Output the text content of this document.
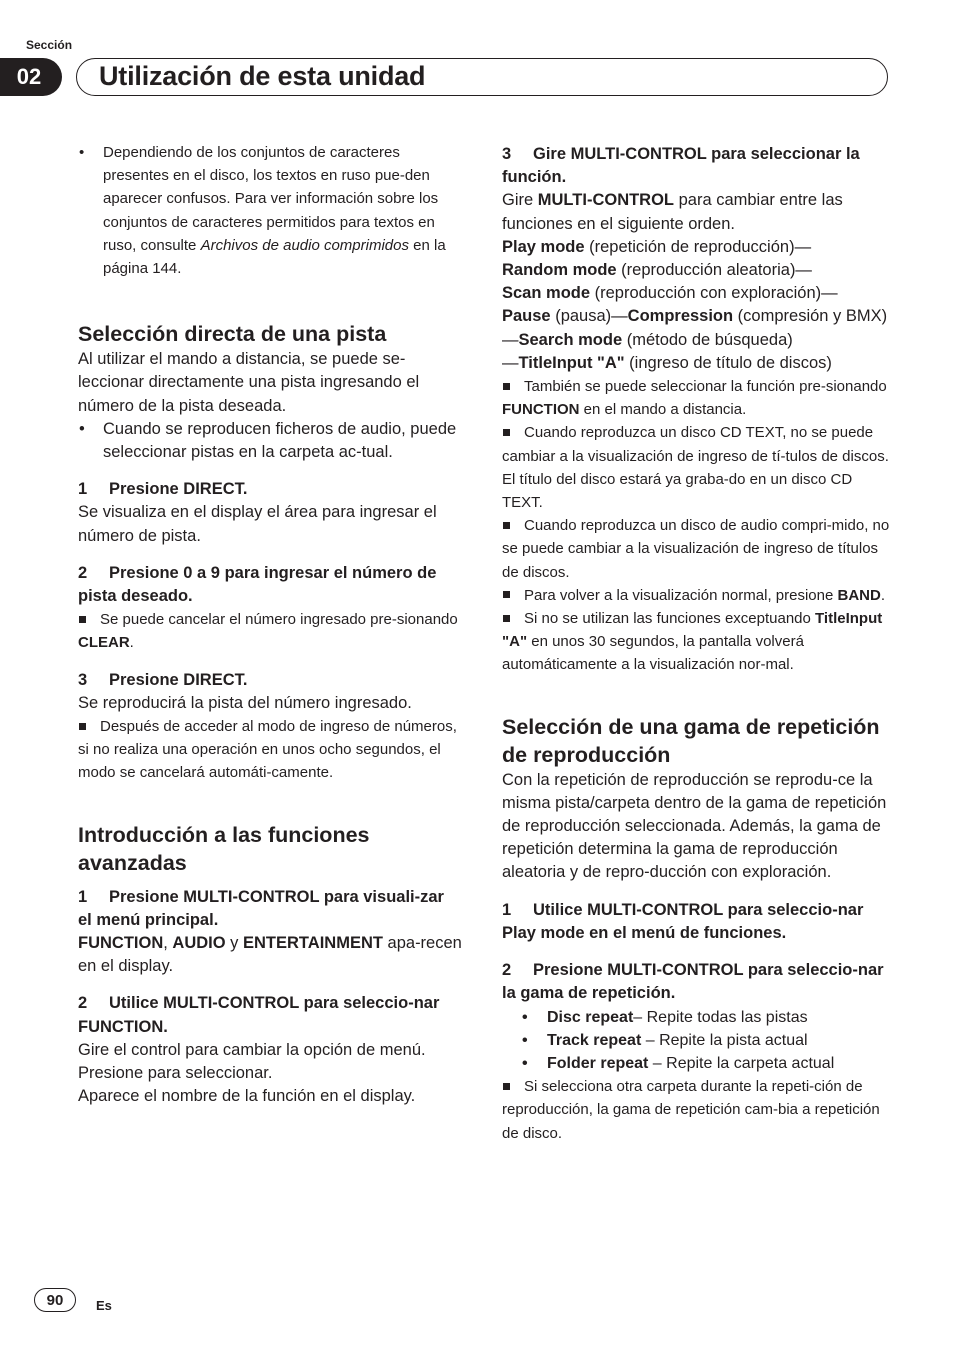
Sección
02	Utilización de esta unidad

• Dependiendo de los conjuntos de caracteres presentes en el disco, los textos en ruso pue-den aparecer confusos. Para ver información sobre los conjuntos de caracteres permitidos para textos en ruso, consulte Archivos de audio comprimidos en la página 144.

Selección directa de una pista

Al utilizar el mando a distancia, se puede se-leccionar directamente una pista ingresando el número de la pista deseada.

• Cuando se reproducen ficheros de audio, puede seleccionar pistas en la carpeta ac-tual.

1 Presione DIRECT.

Se visualiza en el display el área para ingresar el número de pista.

2 Presione 0 a 9 para ingresar el número de pista deseado.

Se puede cancelar el número ingresado pre-sionando CLEAR.

3 Presione DIRECT.

Se reproducirá la pista del número ingresado.

Después de acceder al modo de ingreso de números, si no realiza una operación en unos ocho segundos, el modo se cancelará automáti-camente.

Introducción a las funciones avanzadas

1 Presione MULTI-CONTROL para visuali-zar el menú principal.

FUNCTION, AUDIO y ENTERTAINMENT apa-recen en el display.

2 Utilice MULTI-CONTROL para seleccio-nar FUNCTION.

Gire el control para cambiar la opción de menú. Presione para seleccionar.

Aparece el nombre de la función en el display.

3 Gire MULTI-CONTROL para seleccionar la función.

Gire MULTI-CONTROL para cambiar entre las funciones en el siguiente orden.

Play mode (repetición de reproducción)—
Random mode (reproducción aleatoria)—
Scan mode (reproducción con exploración)—
Pause (pausa)—Compression (compresión y BMX)—Search mode (método de búsqueda)
—TitleInput "A" (ingreso de título de discos)

También se puede seleccionar la función pre-sionando FUNCTION en el mando a distancia.

Cuando reproduzca un disco CD TEXT, no se puede cambiar a la visualización de ingreso de tí-tulos de discos. El título del disco estará ya graba-do en un disco CD TEXT.

Cuando reproduzca un disco de audio compri-mido, no se puede cambiar a la visualización de ingreso de títulos de discos.

Para volver a la visualización normal, presione BAND.

Si no se utilizan las funciones exceptuando TitleInput "A" en unos 30 segundos, la pantalla volverá automáticamente a la visualización nor-mal.

Selección de una gama de repetición de reproducción

Con la repetición de reproducción se reprodu-ce la misma pista/carpeta dentro de la gama de repetición de reproducción seleccionada. Además, la gama de repetición determina la gama de reproducción aleatoria y de repro-ducción con exploración.

1 Utilice MULTI-CONTROL para seleccio-nar Play mode en el menú de funciones.

2 Presione MULTI-CONTROL para seleccio-nar la gama de repetición.

• Disc repeat– Repite todas las pistas

• Track repeat – Repite la pista actual

• Folder repeat – Repite la carpeta actual

Si selecciona otra carpeta durante la repeti-ción de reproducción, la gama de repetición cam-bia a repetición de disco.

90	Es
